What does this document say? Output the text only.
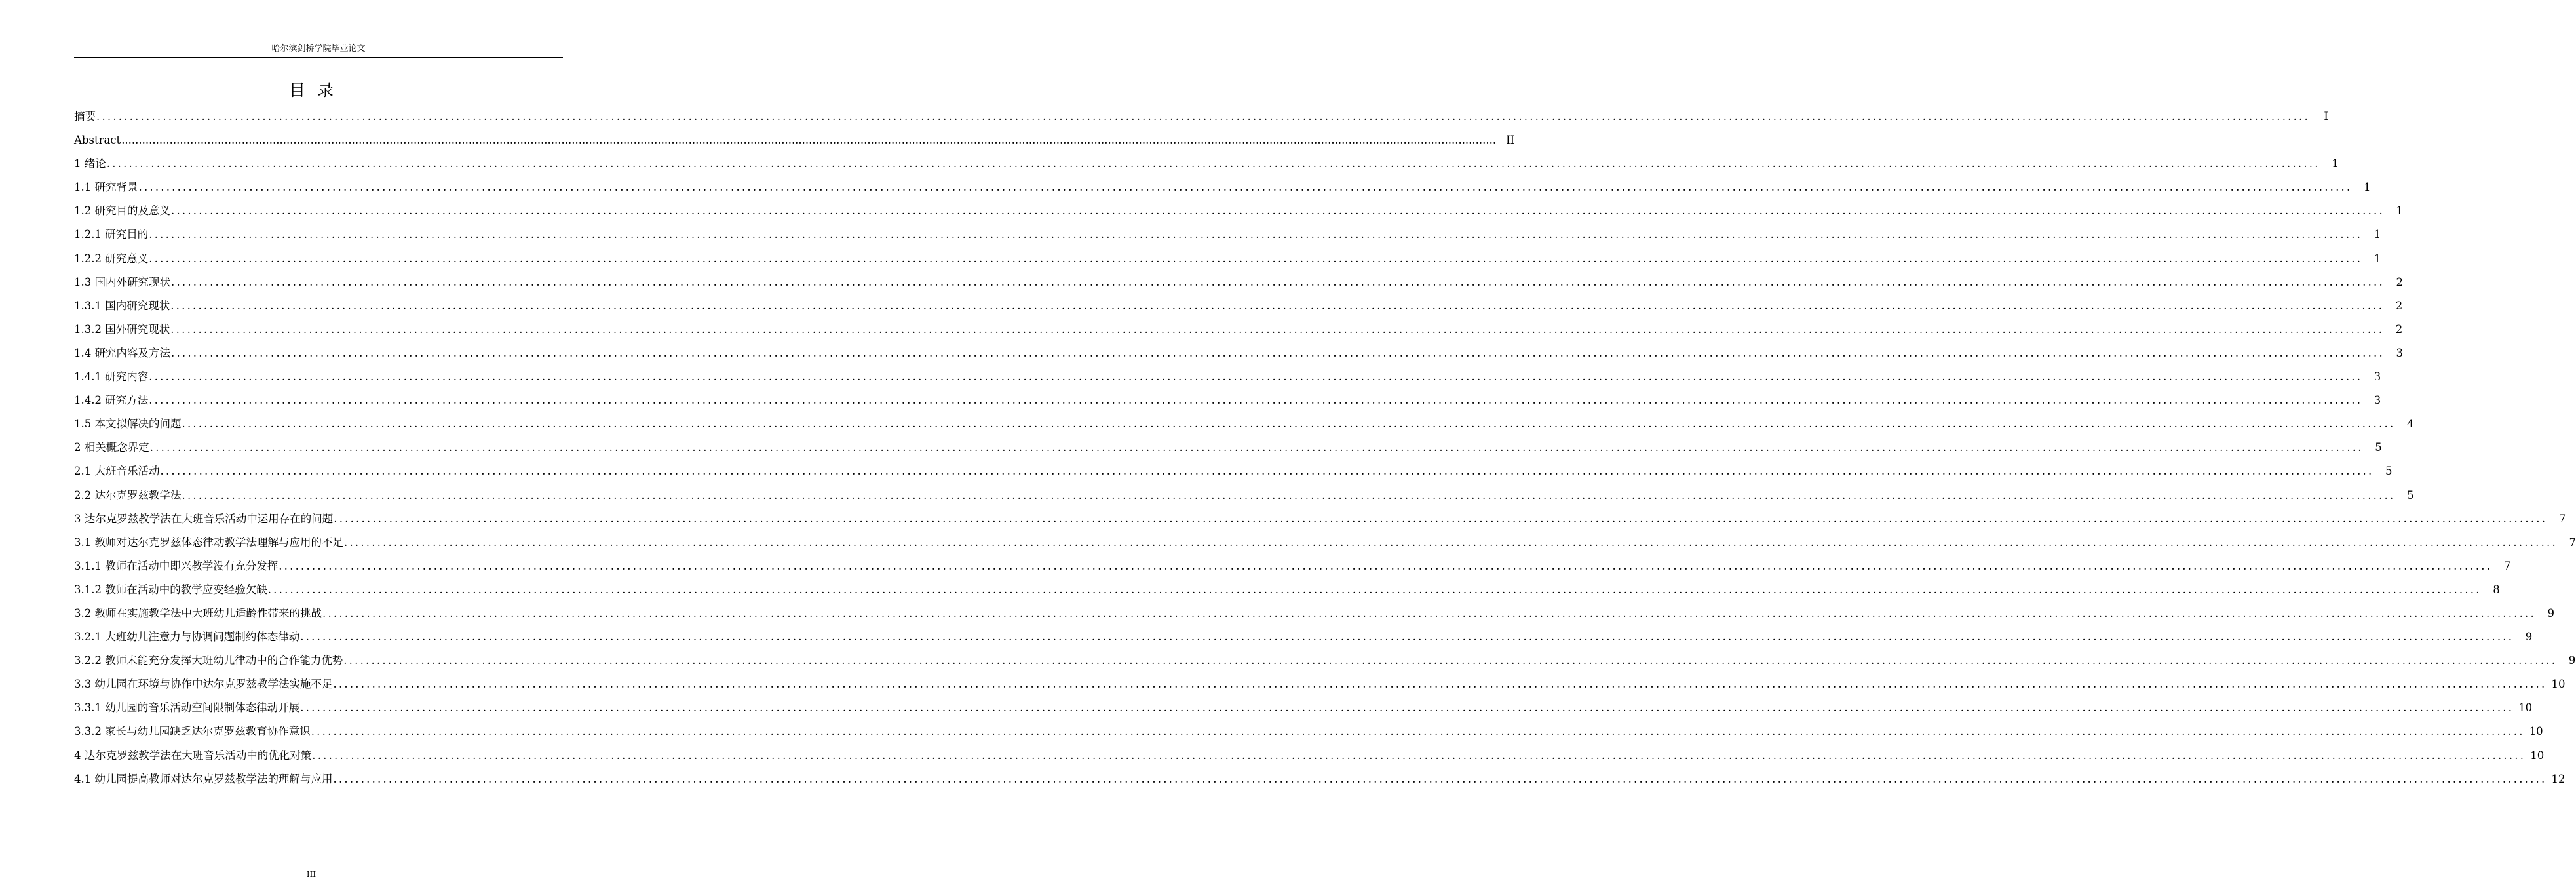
哈尔滨剑桥学院毕业论文
目录
摘要 ................................................................................................................................................................................................................................................................................................................................................................................................................	I
Abstract ................................................................................................................................................................................................................................................................................................................................................................................................................ II
1 绪论 ................................................................................................................................................................................................................................................................................................................................................................................................................	1
1.1 研究背景 ................................................................................................................................................................................................................................................................................................................................................................................................................	1
1.2 研究目的及意义 ................................................................................................................................................................................................................................................................................................................................................................................................................	1
1.2.1 研究目的 ................................................................................................................................................................................................................................................................................................................................................................................................................	1
1.2.2 研究意义 ................................................................................................................................................................................................................................................................................................................................................................................................................	1
1.3 国内外研究现状 ................................................................................................................................................................................................................................................................................................................................................................................................................	2
1.3.1 国内研究现状 ................................................................................................................................................................................................................................................................................................................................................................................................................	2
1.3.2 国外研究现状 ................................................................................................................................................................................................................................................................................................................................................................................................................	2
1.4 研究内容及方法 ................................................................................................................................................................................................................................................................................................................................................................................................................	3
1.4.1 研究内容 ................................................................................................................................................................................................................................................................................................................................................................................................................	3
1.4.2 研究方法 ................................................................................................................................................................................................................................................................................................................................................................................................................	3
1.5 本文拟解决的问题 ................................................................................................................................................................................................................................................................................................................................................................................................................	4
2 相关概念界定 ................................................................................................................................................................................................................................................................................................................................................................................................................	5
2.1 大班音乐活动 ................................................................................................................................................................................................................................................................................................................................................................................................................	5
2.2 达尔克罗兹教学法 ................................................................................................................................................................................................................................................................................................................................................................................................................	5
3 达尔克罗兹教学法在大班音乐活动中运用存在的问题 ................................................................................................................................................................................................................................................................................................................................................................................................................	7
3.1 教师对达尔克罗兹体态律动教学法理解与应用的不足 ................................................................................................................................................................................................................................................................................................................................................................................................................	7
3.1.1 教师在活动中即兴教学没有充分发挥 ................................................................................................................................................................................................................................................................................................................................................................................................................	7
3.1.2 教师在活动中的教学应变经验欠缺 ................................................................................................................................................................................................................................................................................................................................................................................................................	8
3.2 教师在实施教学法中大班幼儿适龄性带来的挑战 ................................................................................................................................................................................................................................................................................................................................................................................................................	9
3.2.1 大班幼儿注意力与协调问题制约体态律动 ................................................................................................................................................................................................................................................................................................................................................................................................................	9
3.2.2 教师未能充分发挥大班幼儿律动中的合作能力优势 ................................................................................................................................................................................................................................................................................................................................................................................................................	9
3.3 幼儿园在环境与协作中达尔克罗兹教学法实施不足 ................................................................................................................................................................................................................................................................................................................................................................................................................ 10
3.3.1 幼儿园的音乐活动空间限制体态律动开展 ................................................................................................................................................................................................................................................................................................................................................................................................................ 10
3.3.2 家长与幼儿园缺乏达尔克罗兹教育协作意识 ................................................................................................................................................................................................................................................................................................................................................................................................................ 10
4 达尔克罗兹教学法在大班音乐活动中的优化对策 ................................................................................................................................................................................................................................................................................................................................................................................................................ 10
4.1 幼儿园提高教师对达尔克罗兹教学法的理解与应用 ................................................................................................................................................................................................................................................................................................................................................................................................................ 12
III
